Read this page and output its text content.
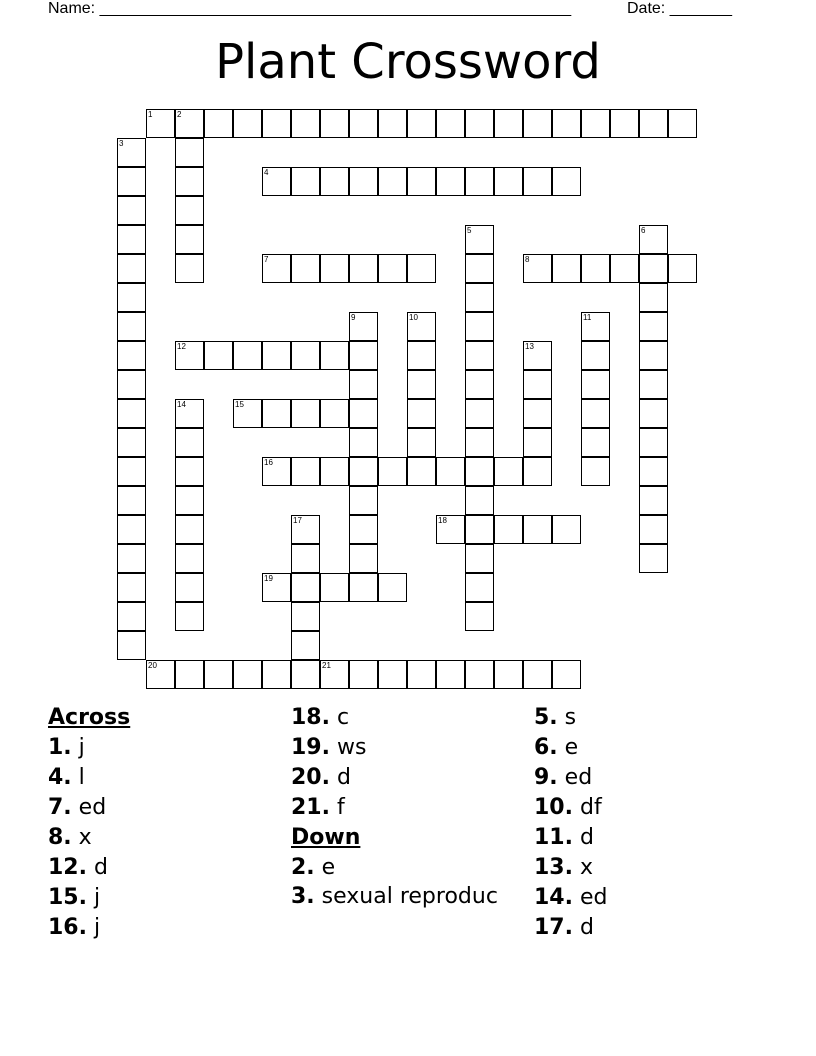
Name: _____________________________________________________	Date: _______
Plant Crossword
1	2
3
4
5	6
7	8
9	10	11
12	13
14	15
16
17	18
19
20	21
Across
1. j
4. l
7. ed
8. x
12. d
15. j
16. j
18. c
19. ws
20. d
21. f
Down
2. e
3. sexual reproduc
5. s
6. e
9. ed
10. df
11. d
13. x
14. ed
17. d
